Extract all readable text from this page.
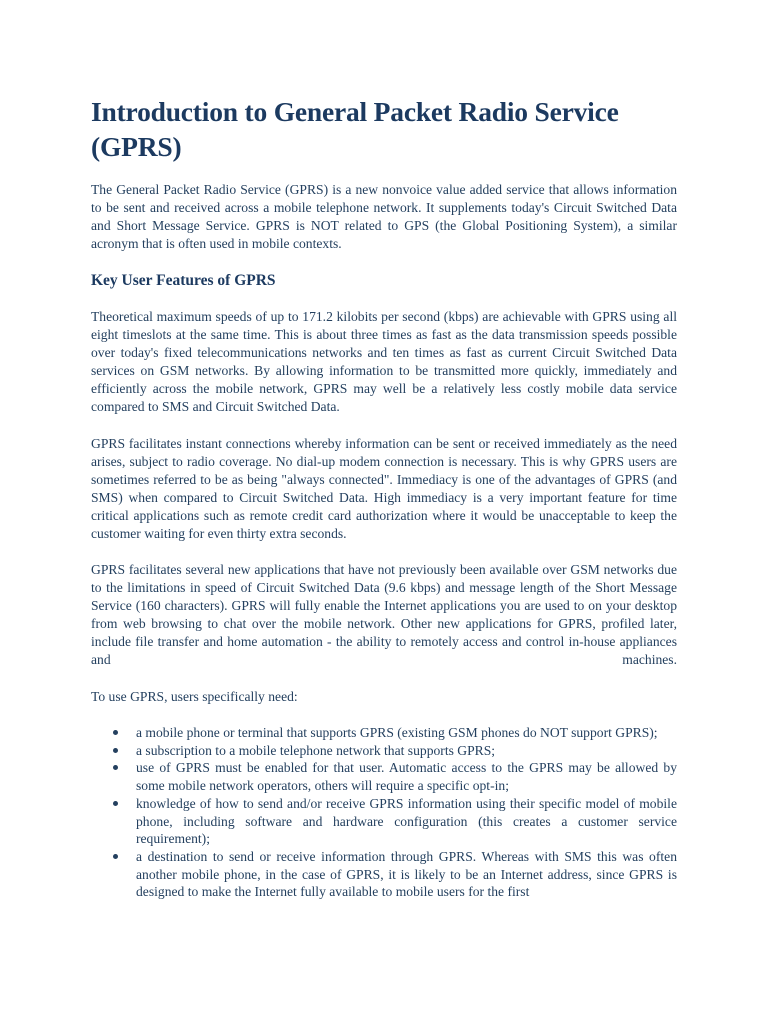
Introduction to General Packet Radio Service (GPRS)

The General Packet Radio Service (GPRS) is a new nonvoice value added service that allows information to be sent and received across a mobile telephone network. It supplements today's Circuit Switched Data and Short Message Service. GPRS is NOT related to GPS (the Global Positioning System), a similar acronym that is often used in mobile contexts.

Key User Features of GPRS

Theoretical maximum speeds of up to 171.2 kilobits per second (kbps) are achievable with GPRS using all eight timeslots at the same time. This is about three times as fast as the data transmission speeds possible over today's fixed telecommunications networks and ten times as fast as current Circuit Switched Data services on GSM networks. By allowing information to be transmitted more quickly, immediately and efficiently across the mobile network, GPRS may well be a relatively less costly mobile data service compared to SMS and Circuit Switched Data.

GPRS facilitates instant connections whereby information can be sent or received immediately as the need arises, subject to radio coverage. No dial-up modem connection is necessary. This is why GPRS users are sometimes referred to be as being "always connected". Immediacy is one of the advantages of GPRS (and SMS) when compared to Circuit Switched Data. High immediacy is a very important feature for time critical applications such as remote credit card authorization where it would be unacceptable to keep the customer waiting for even thirty extra seconds.

GPRS facilitates several new applications that have not previously been available over GSM networks due to the limitations in speed of Circuit Switched Data (9.6 kbps) and message length of the Short Message Service (160 characters). GPRS will fully enable the Internet applications you are used to on your desktop from web browsing to chat over the mobile network. Other new applications for GPRS, profiled later, include file transfer and home automation - the ability to remotely access and control in-house appliances and machines.

To use GPRS, users specifically need:

a mobile phone or terminal that supports GPRS (existing GSM phones do NOT support GPRS);
a subscription to a mobile telephone network that supports GPRS;
use of GPRS must be enabled for that user. Automatic access to the GPRS may be allowed by some mobile network operators, others will require a specific opt-in;
knowledge of how to send and/or receive GPRS information using their specific model of mobile phone, including software and hardware configuration (this creates a customer service requirement);
a destination to send or receive information through GPRS. Whereas with SMS this was often another mobile phone, in the case of GPRS, it is likely to be an Internet address, since GPRS is designed to make the Internet fully available to mobile users for the first
